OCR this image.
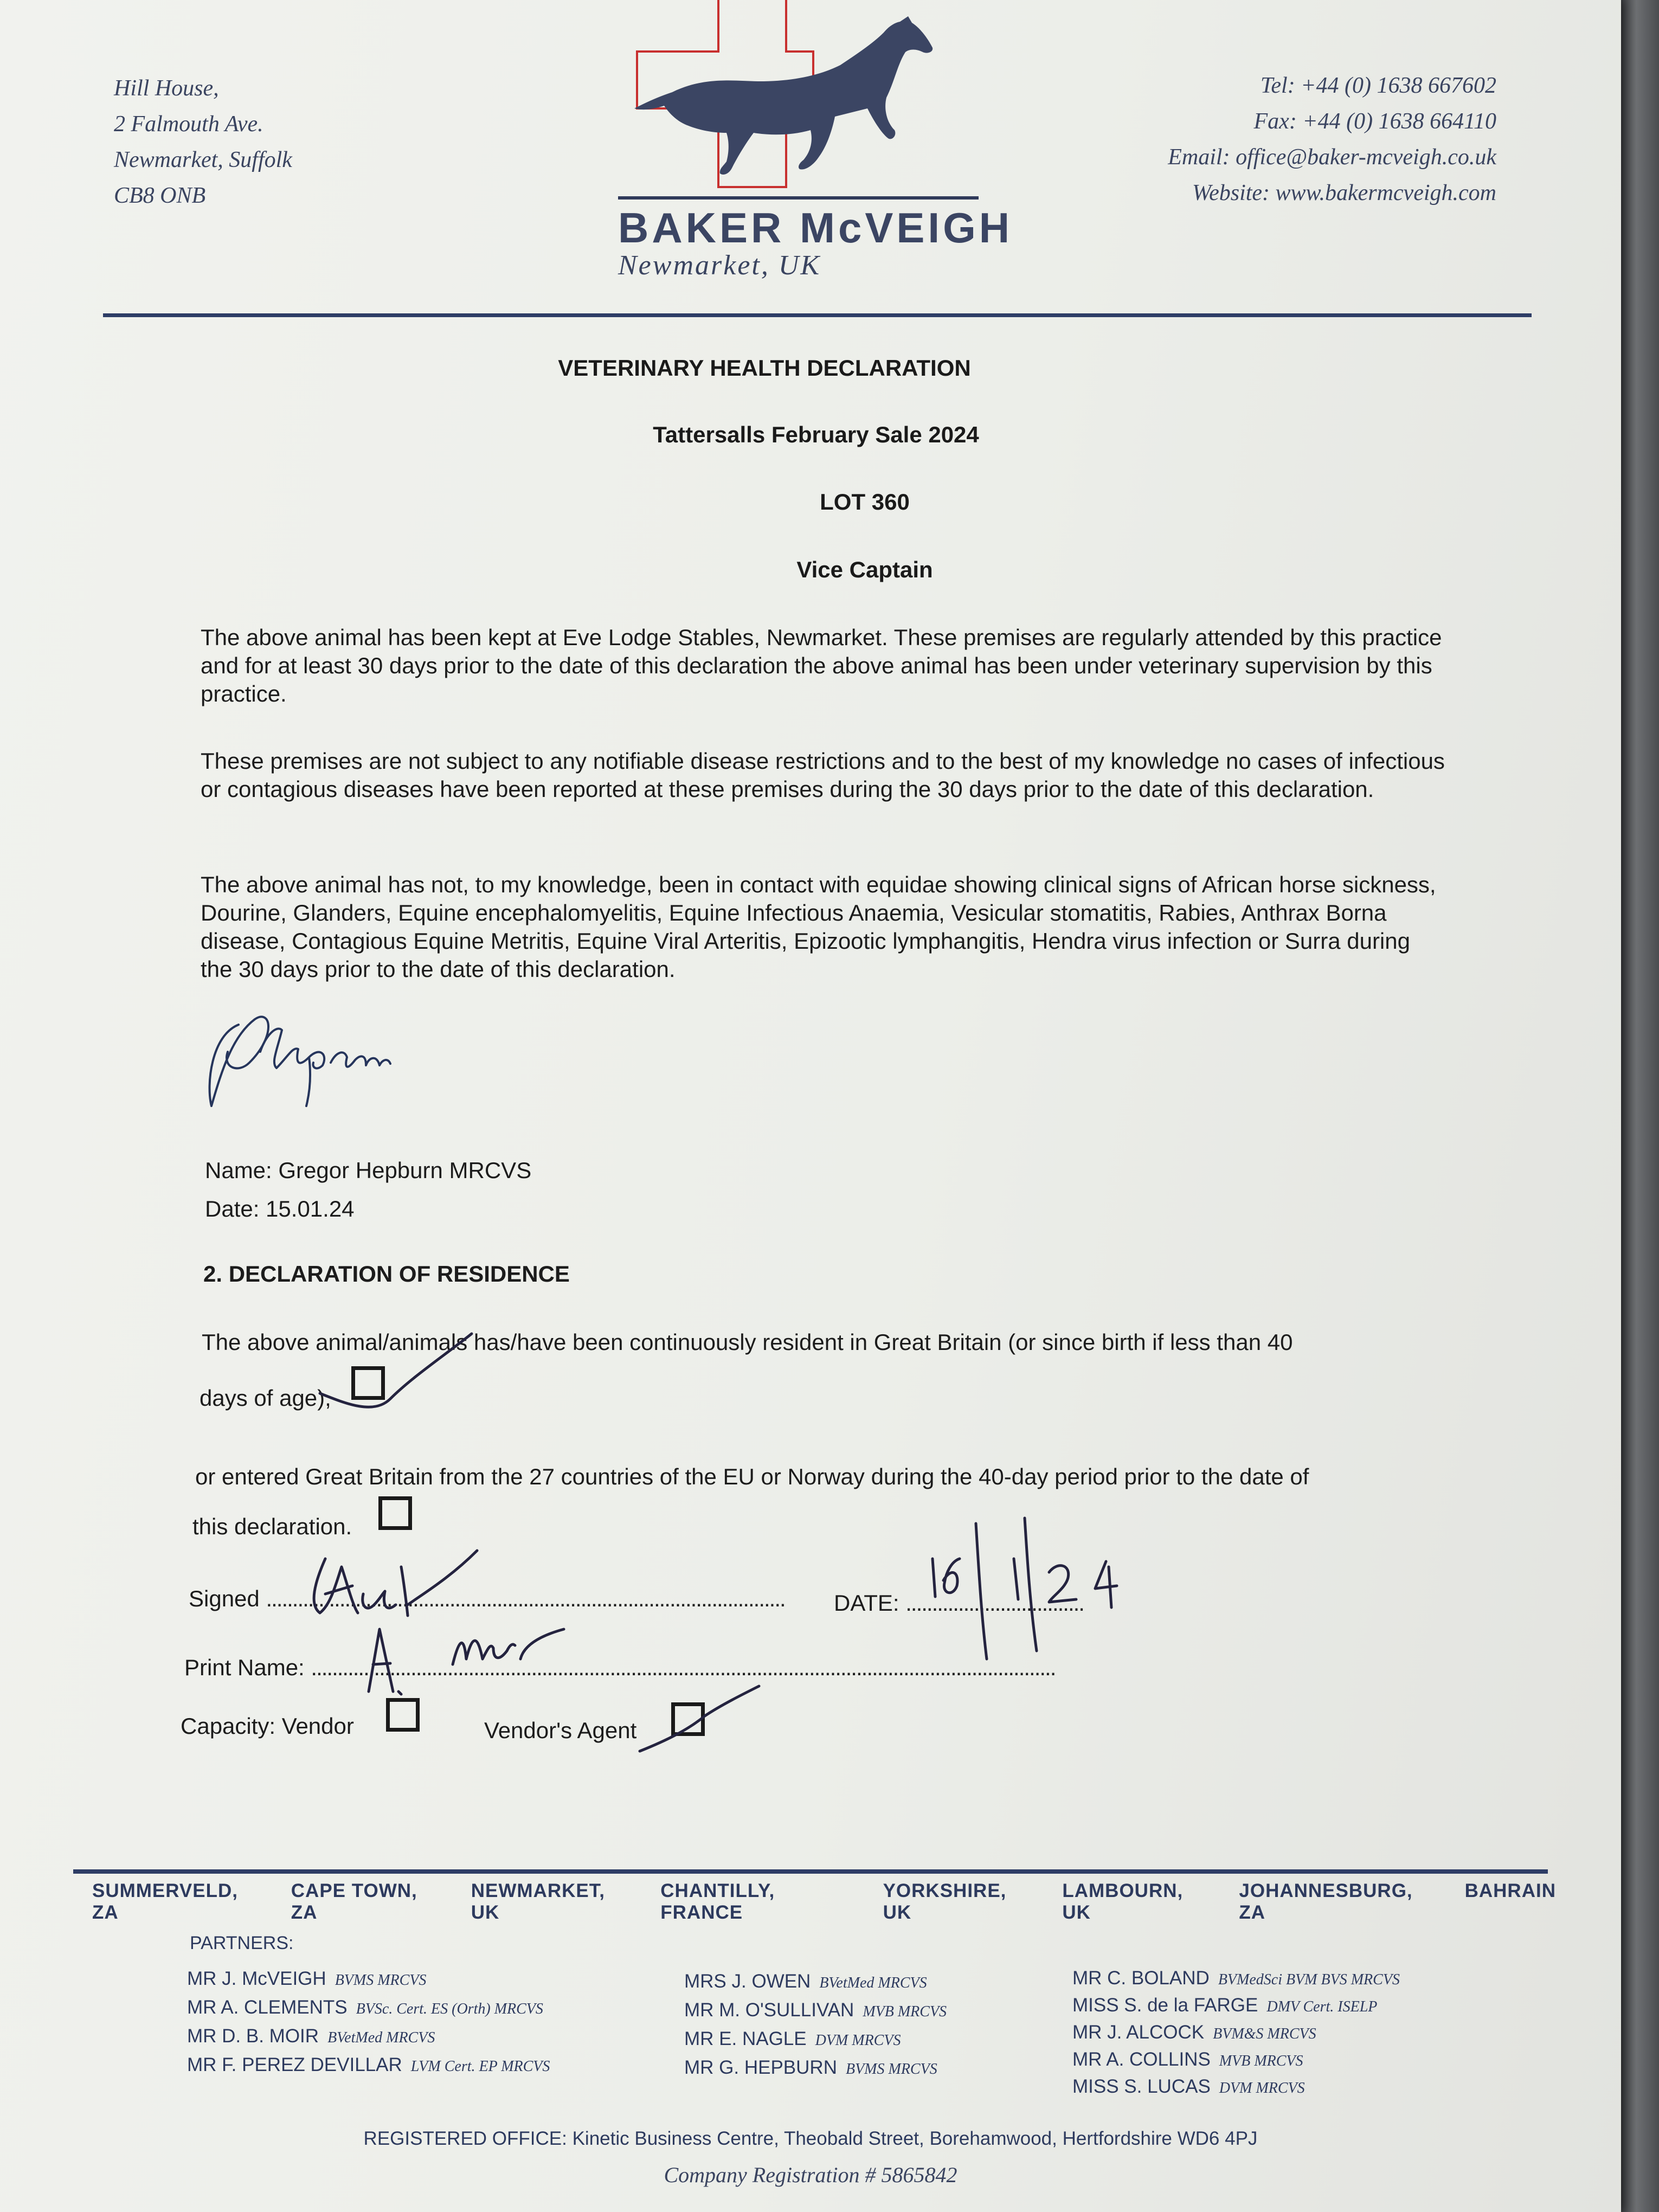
Hill House,
2 Falmouth Ave.
Newmarket, Suffolk
CB8 ONB
BAKER McVEIGH
Newmarket, UK
Tel: +44 (0) 1638 667602
Fax: +44 (0) 1638 664110
Email: office@baker-mcveigh.co.uk
Website: www.bakermcveigh.com
VETERINARY HEALTH DECLARATION
Tattersalls February Sale 2024
LOT 360
Vice Captain
The above animal has been kept at Eve Lodge Stables, Newmarket. These premises are regularly attended by this practice and for at least 30 days prior to the date of this declaration the above animal has been under veterinary supervision by this practice.
These premises are not subject to any notifiable disease restrictions and to the best of my knowledge no cases of infectious or contagious diseases have been reported at these premises during the 30 days prior to the date of this declaration.
The above animal has not, to my knowledge, been in contact with equidae showing clinical signs of African horse sickness, Dourine, Glanders, Equine encephalomyelitis, Equine Infectious Anaemia, Vesicular stomatitis, Rabies, Anthrax Borna disease, Contagious Equine Metritis, Equine Viral Arteritis, Epizootic lymphangitis, Hendra virus infection or Surra during the 30 days prior to the date of this declaration.
Name: Gregor Hepburn MRCVS
Date: 15.01.24
2. DECLARATION OF RESIDENCE
The above animal/animals has/have been continuously resident in Great Britain (or since birth if less than 40
days of age),
or entered Great Britain from the 27 countries of the EU or Norway during the 40-day period prior to the date of
this declaration.
Signed ................................................................................................... DATE: ..................................
Print Name: ..............................................................................................................................................
Capacity: Vendor	Vendor's Agent
SUMMERVELD, ZA
CAPE TOWN, ZA
NEWMARKET, UK
CHANTILLY, FRANCE
YORKSHIRE, UK
LAMBOURN, UK
JOHANNESBURG, ZA
BAHRAIN
PARTNERS:
MR J. McVEIGH BVMS MRCVS
MR A. CLEMENTS BVSc. Cert. ES (Orth) MRCVS
MR D. B. MOIR BVetMed MRCVS
MR F. PEREZ DEVILLAR LVM Cert. EP MRCVS
MRS J. OWEN BVetMed MRCVS
MR M. O'SULLIVAN MVB MRCVS
MR E. NAGLE DVM MRCVS
MR G. HEPBURN BVMS MRCVS
MR C. BOLAND BVMedSci BVM BVS MRCVS
MISS S. de la FARGE DMV Cert. ISELP
MR J. ALCOCK BVM&S MRCVS
MR A. COLLINS MVB MRCVS
MISS S. LUCAS DVM MRCVS
REGISTERED OFFICE: Kinetic Business Centre, Theobald Street, Borehamwood, Hertfordshire WD6 4PJ
Company Registration # 5865842
